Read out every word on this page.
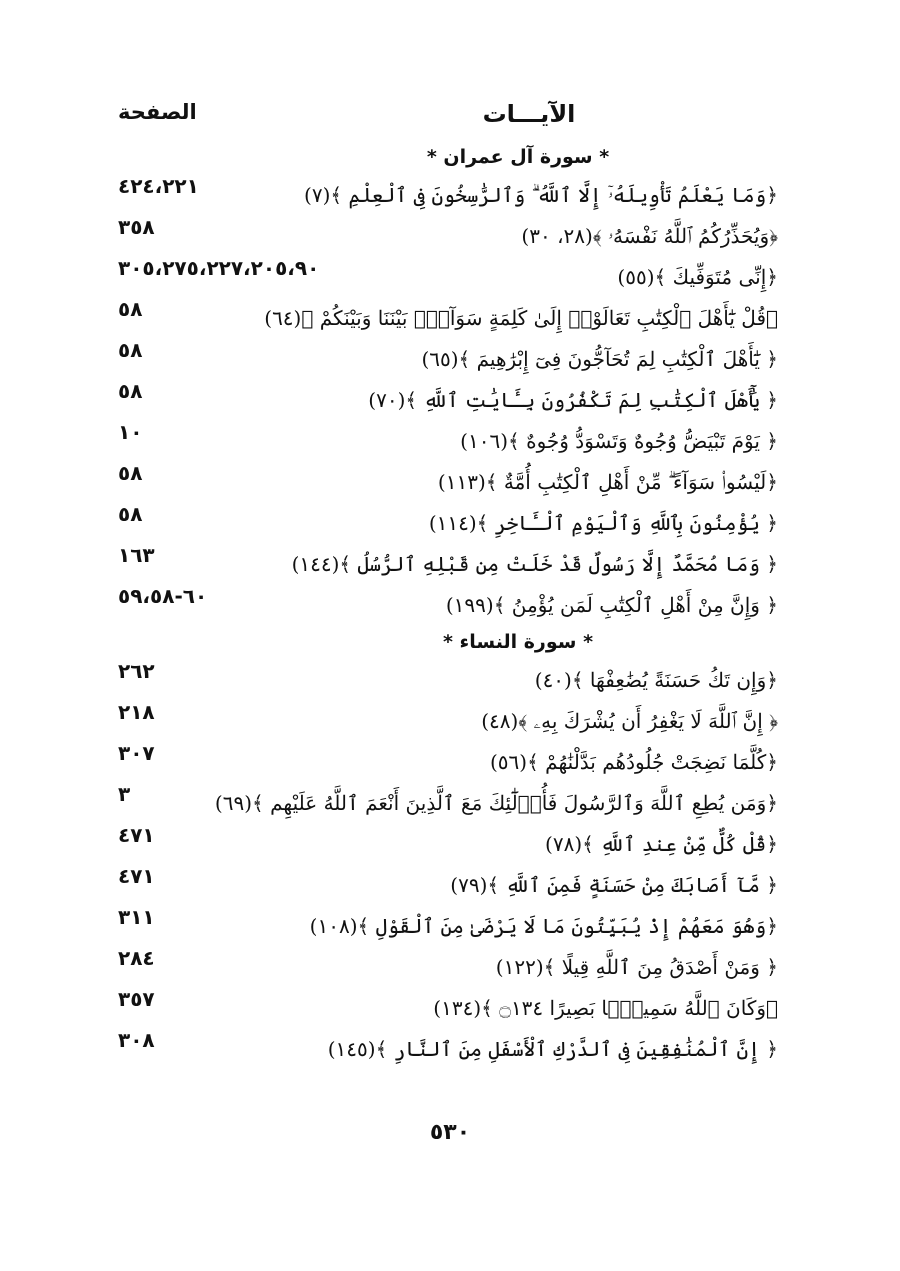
الآيـــات
الصفحة
* سورة آل عمران *
﴿وَمَا يَعْلَمُ تَأْوِيلَهُۥٓ إِلَّا ٱللَّهُ ۗ وَٱلرَّٰسِخُونَ فِى ٱلْعِلْمِ ﴾(٧)
٤٢٤،٢٢١
﴿وَيُحَذِّرُكُمُ ٱللَّهُ نَفْسَهُۥ ﴾(٢٨، ٣٠)
٣٥٨
﴿إِنِّى مُتَوَفِّيكَ ﴾(٥٥)
٣٠٥،٢٧٥،٢٢٧،٢٠٥،٩٠
﴿قُلْ يَٰٓأَهْلَ ٱلْكِتَٰبِ تَعَالَوْا۟ إِلَىٰ كَلِمَةٍ سَوَآءٍۭ بَيْنَنَا وَبَيْنَكُمْ ﴾(٦٤)
٥٨
﴿ يَٰٓأَهْلَ ٱلْكِتَٰبِ لِمَ تُحَآجُّونَ فِىٓ إِبْرَٰهِيمَ ﴾(٦٥)
٥٨
﴿ يَٰٓأَهْلَ ٱلْكِتَٰبِ لِمَ تَكْفُرُونَ بِـَٔايَٰتِ ٱللَّهِ ﴾(٧٠)
٥٨
﴿ يَوْمَ تَبْيَضُّ وُجُوهٌ وَتَسْوَدُّ وُجُوهٌ ﴾(١٠٦)
١٠
﴿لَيْسُوا۟ سَوَآءً ۗ مِّنْ أَهْلِ ٱلْكِتَٰبِ أُمَّةٌ ﴾(١١٣)
٥٨
﴿ يُؤْمِنُونَ بِٱللَّهِ وَٱلْيَوْمِ ٱلْـَٔاخِرِ ﴾(١١٤)
٥٨
﴿ وَمَا مُحَمَّدٌ إِلَّا رَسُولٌ قَدْ خَلَتْ مِن قَبْلِهِ ٱلرُّسُلُ ﴾(١٤٤)
١٦٣
﴿ وَإِنَّ مِنْ أَهْلِ ٱلْكِتَٰبِ لَمَن يُؤْمِنُ ﴾(١٩٩)
٦٠-٥٩،٥٨
* سورة النساء *
﴿وَإِن تَكُ حَسَنَةً يُضَٰعِفْهَا ﴾(٤٠)
٢٦٢
﴿ إِنَّ ٱللَّهَ لَا يَغْفِرُ أَن يُشْرَكَ بِهِۦ ﴾(٤٨)
٢١٨
﴿كُلَّمَا نَضِجَتْ جُلُودُهُم بَدَّلْنَٰهُمْ ﴾(٥٦)
٣٠٧
﴿وَمَن يُطِعِ ٱللَّهَ وَٱلرَّسُولَ فَأُو۟لَٰٓئِكَ مَعَ ٱلَّذِينَ أَنْعَمَ ٱللَّهُ عَلَيْهِم ﴾(٦٩)
٣
﴿قُلْ كُلٌّ مِّنْ عِندِ ٱللَّهِ ﴾(٧٨)
٤٧١
﴿ مَّآ أَصَابَكَ مِنْ حَسَنَةٍ فَمِنَ ٱللَّهِ ﴾(٧٩)
٤٧١
﴿وَهُوَ مَعَهُمْ إِذْ يُبَيِّتُونَ مَا لَا يَرْضَىٰ مِنَ ٱلْقَوْلِ ﴾(١٠٨)
٣١١
﴿ وَمَنْ أَصْدَقُ مِنَ ٱللَّهِ قِيلًا ﴾(١٢٢)
٢٨٤
﴿وَكَانَ ٱللَّهُ سَمِيعًۢا بَصِيرًا ۝١٣٤ ﴾(١٣٤)
٣٥٧
﴿ إِنَّ ٱلْمُنَٰفِقِينَ فِى ٱلدَّرْكِ ٱلْأَسْفَلِ مِنَ ٱلنَّارِ ﴾(١٤٥)
٣٠٨
٥٣٠
